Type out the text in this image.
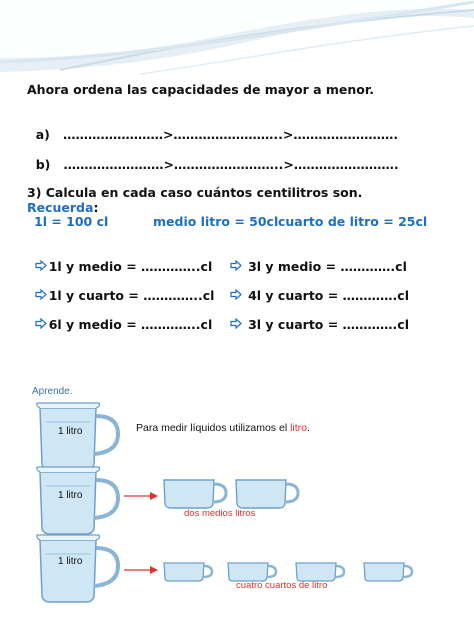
Ahora ordena las capacidades de mayor a menor.

a) ……………………>……………………..>…………………….

b) ……………………>……………………..>…………………….

3) Calcula en cada caso cuántos centilitros son.
Recuerda:
1l = 100 cl	medio litro = 50cl cuarto de litro = 25cl

1l y medio = …………..cl	3l y medio = ………….cl

1l y cuarto = …………..cl	4l y cuarto = ………….cl

6l y medio = …………..cl	3l y cuarto = ………….cl

Aprende.
1 litro
1 litro
1 litro
Para medir líquidos utilizamos el litro.
dos medios litros
cuatro cuartos de litro
